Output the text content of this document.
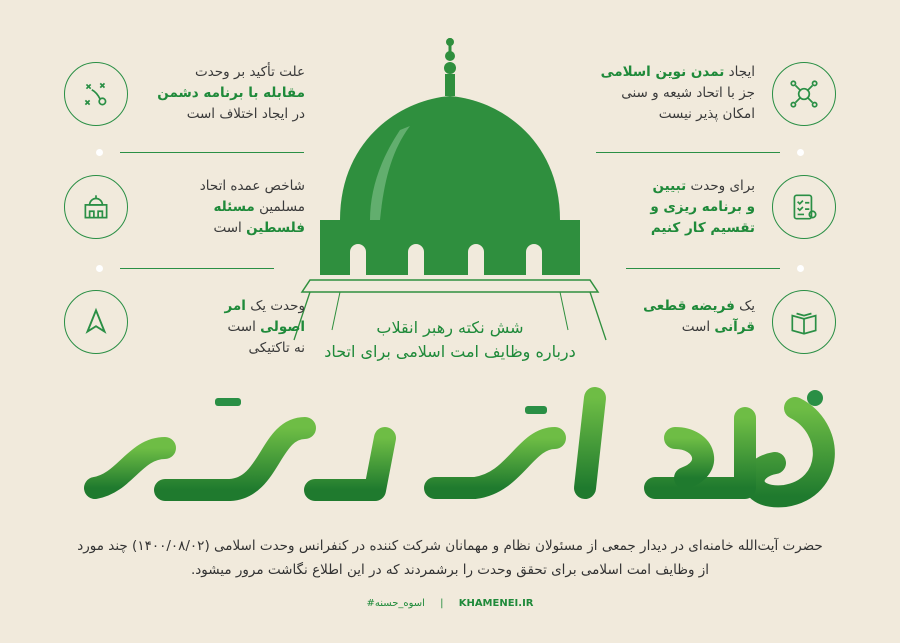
ایجاد تمدن نوین اسلامی
جز با اتحاد شیعه و سنی
امکان پذیر نیست
برای وحدت تبیین
و برنامه ریزی و
تقسیم کار کنیم
یک فریضه قطعی
قرآنی است
علت تأکید بر وحدت
مقابله با برنامه دشمن
در ایجاد اختلاف است
شاخص عمده اتحاد
مسلمین مسئله
فلسطین است
وحدت یک امر
اصولی است
نه تاکتیکی
شش نکته رهبر انقلاب
درباره وظایف امت اسلامی برای اتحاد
حضرت آیت‌الله خامنه‌ای در دیدار جمعی از مسئولان نظام و مهمانان شرکت کننده در کنفرانس وحدت اسلامی (۱۴۰۰/۰۸/۰۲) چند مورد
از وظایف امت اسلامی برای تحقق وحدت را برشمردند که در این اطلاع نگاشت مرور میشود.
#اسوه_حسنه | KHAMENEI.IR
